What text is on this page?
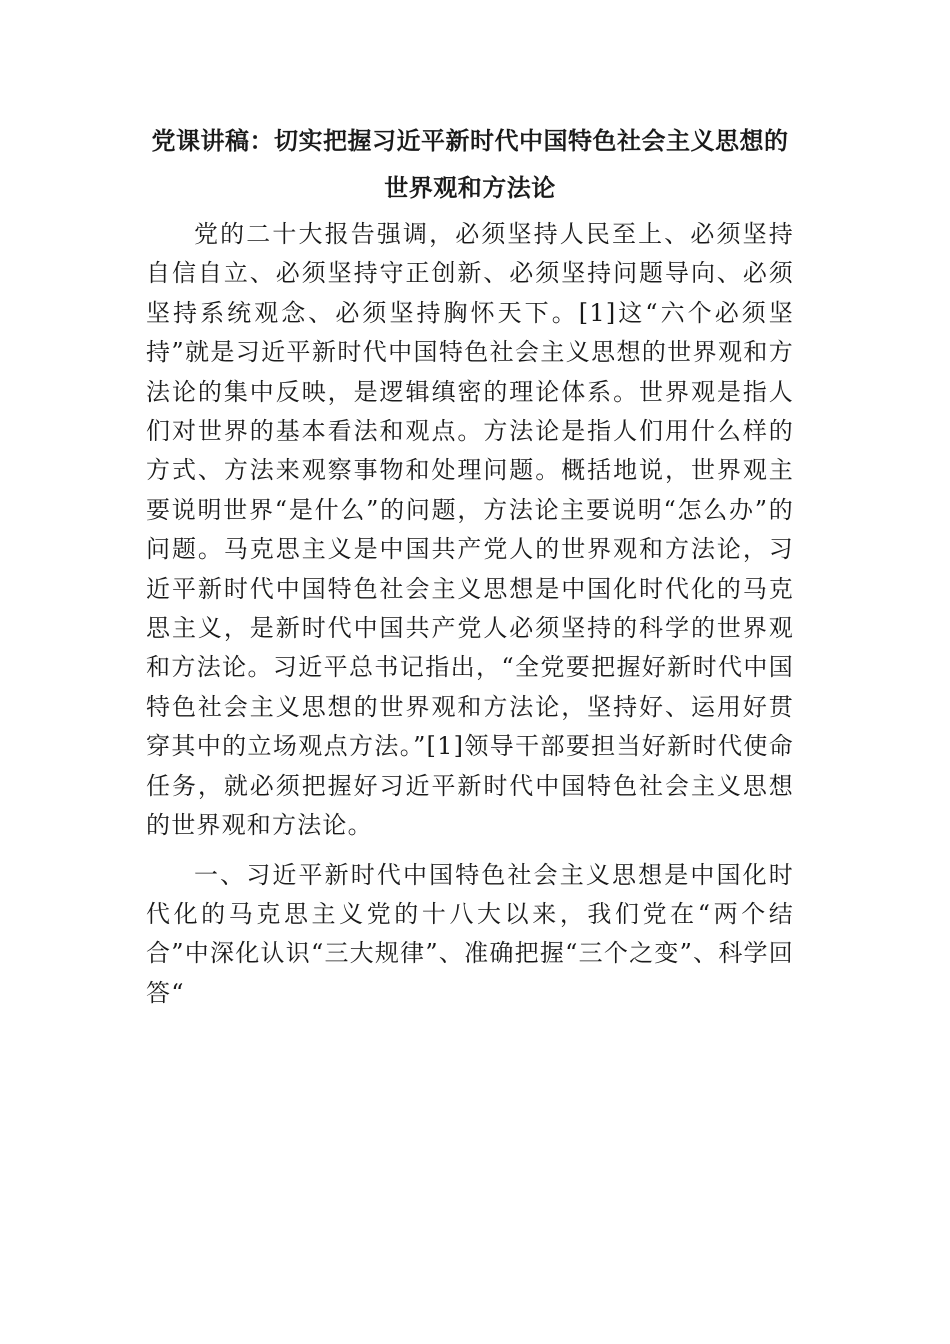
党课讲稿：切实把握习近平新时代中国特色社会主义思想的
世界观和方法论

党的二十大报告强调，必须坚持人民至上、必须坚持自信自立、必须坚持守正创新、必须坚持问题导向、必须坚持系统观念、必须坚持胸怀天下。[1]这“六个必须坚持”就是习近平新时代中国特色社会主义思想的世界观和方法论的集中反映，是逻辑缜密的理论体系。世界观是指人们对世界的基本看法和观点。方法论是指人们用什么样的方式、方法来观察事物和处理问题。概括地说，世界观主要说明世界“是什么”的问题，方法论主要说明“怎么办”的问题。马克思主义是中国共产党人的世界观和方法论，习近平新时代中国特色社会主义思想是中国化时代化的马克思主义，是新时代中国共产党人必须坚持的科学的世界观和方法论。习近平总书记指出，“全党要把握好新时代中国特色社会主义思想的世界观和方法论，坚持好、运用好贯穿其中的立场观点方法。”[1]领导干部要担当好新时代使命任务，就必须把握好习近平新时代中国特色社会主义思想的世界观和方法论。

一、习近平新时代中国特色社会主义思想是中国化时代化的马克思主义党的十八大以来，我们党在“两个结合”中深化认识“三大规律”、准确把握“三个之变”、科学回答“
